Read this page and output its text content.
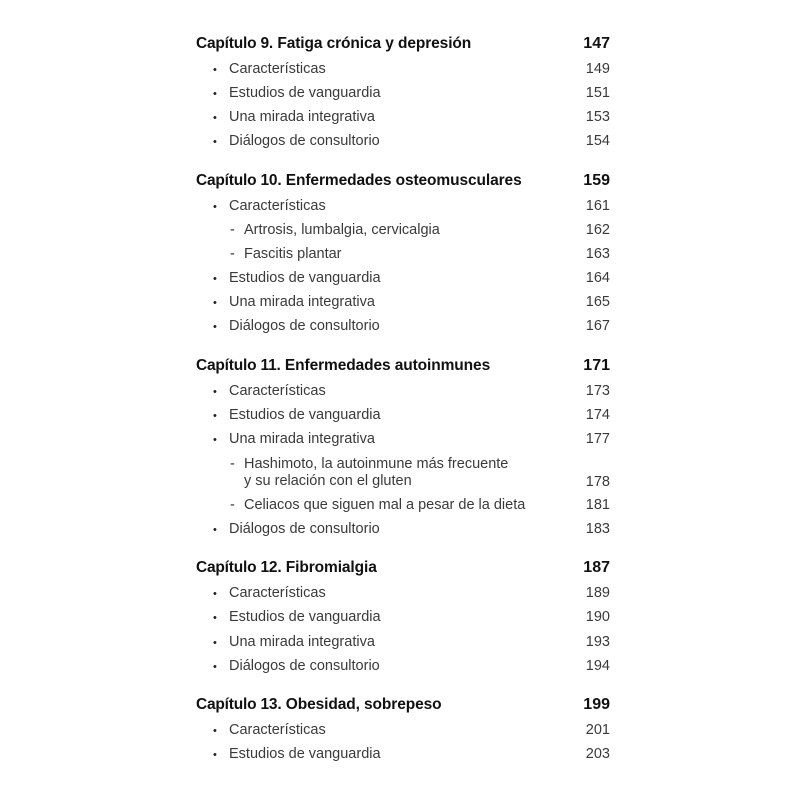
Capítulo 9. Fatiga crónica y depresión	147
• Características	149
• Estudios de vanguardia	151
• Una mirada integrativa	153
• Diálogos de consultorio	154
Capítulo 10. Enfermedades osteomusculares	159
• Características	161
- Artrosis, lumbalgia, cervicalgia	162
- Fascitis plantar	163
• Estudios de vanguardia	164
• Una mirada integrativa	165
• Diálogos de consultorio	167
Capítulo 11. Enfermedades autoinmunes	171
• Características	173
• Estudios de vanguardia	174
• Una mirada integrativa	177
- Hashimoto, la autoinmune más frecuente
y su relación con el gluten	178
- Celiacos que siguen mal a pesar de la dieta	181
• Diálogos de consultorio	183
Capítulo 12. Fibromialgia	187
• Características	189
• Estudios de vanguardia	190
• Una mirada integrativa	193
• Diálogos de consultorio	194
Capítulo 13. Obesidad, sobrepeso	199
• Características	201
• Estudios de vanguardia	203
